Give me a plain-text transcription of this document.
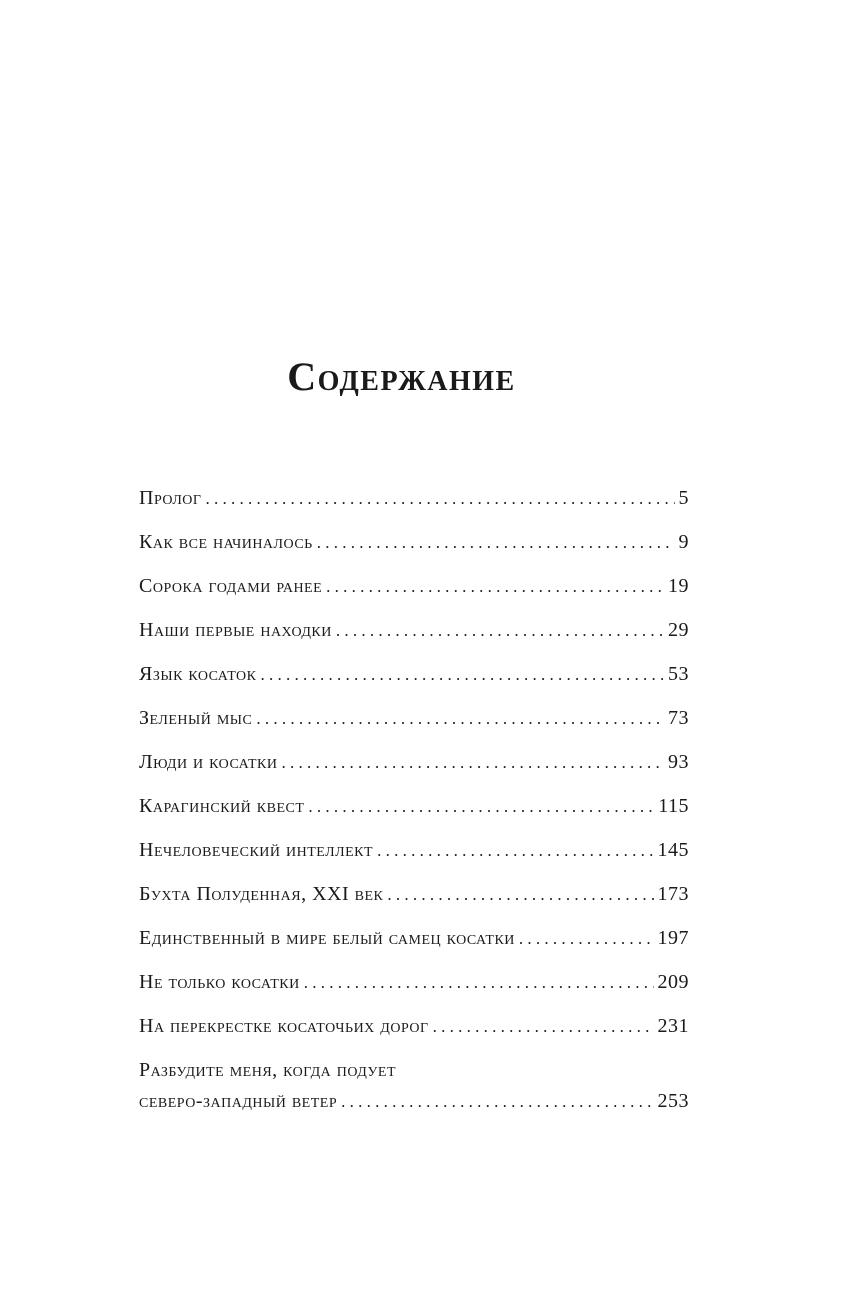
Содержание
Пролог . . .	5
Как все начиналось . . .	9
Сорока годами ранее . . .	19
Наши первые находки . . .	29
Язык косаток . . .	53
Зеленый мыс . . .	73
Люди и косатки . . .	93
Карагинский квест . . .	115
Нечеловеческий интеллект . . .	145
Бухта Полуденная, XXI век . . .	173
Единственный в мире белый самец косатки . . .	197
Не только косатки . . .	209
На перекрестке косаточьих дорог . . .	231
Разбудите меня, когда подует
северо-западный ветер . . .	253
